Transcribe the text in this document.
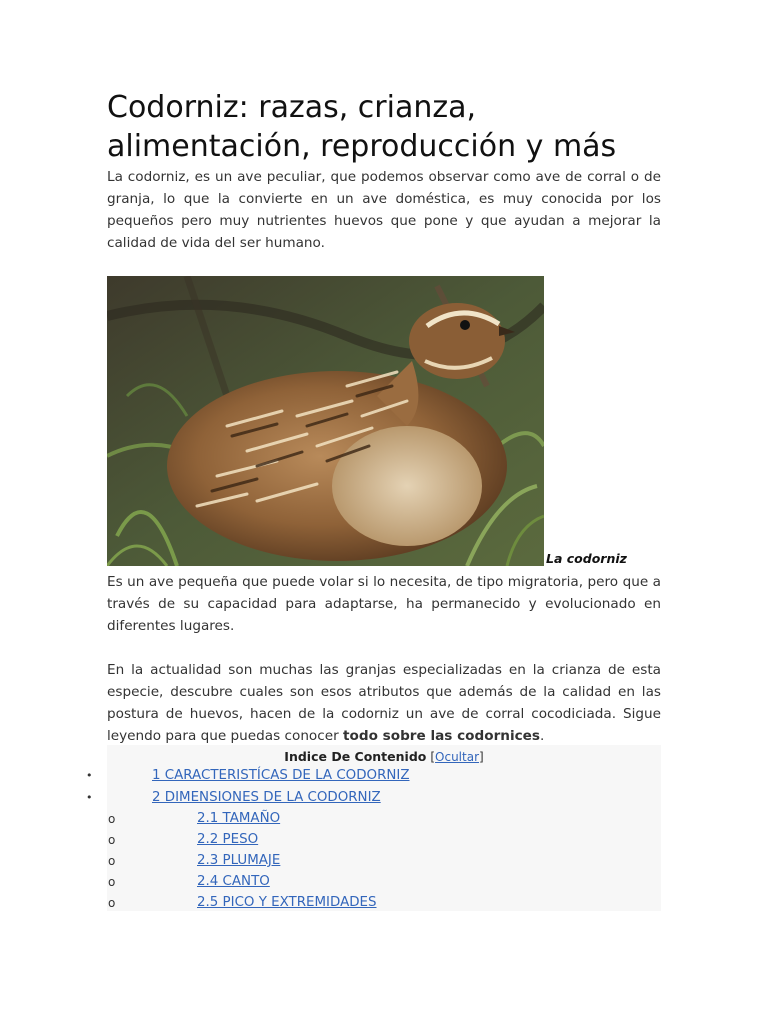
Codorniz: razas, crianza, alimentación, reproducción y más

La codorniz, es un ave peculiar, que podemos observar como ave de corral o de granja, lo que la convierte en un ave doméstica, es muy conocida por los pequeños pero muy nutrientes huevos que pone y que ayudan a mejorar la calidad de vida del ser humano.

La codorniz

Es un ave pequeña que puede volar si lo necesita, de tipo migratoria, pero que a través de su capacidad para adaptarse, ha permanecido y evolucionado en diferentes lugares.

En la actualidad son muchas las granjas especializadas en la crianza de esta especie, descubre cuales son esos atributos que además de la calidad en las postura de huevos, hacen de la codorniz un ave de corral cocodiciada. Sigue leyendo para que puedas conocer todo sobre las codornices.

Indice De Contenido [Ocultar]
•	1 CARACTERISTÍCAS DE LA CODORNIZ
•	2 DIMENSIONES DE LA CODORNIZ
o	2.1 TAMAÑO
o	2.2 PESO
o	2.3 PLUMAJE
o	2.4 CANTO
o	2.5 PICO Y EXTREMIDADES
